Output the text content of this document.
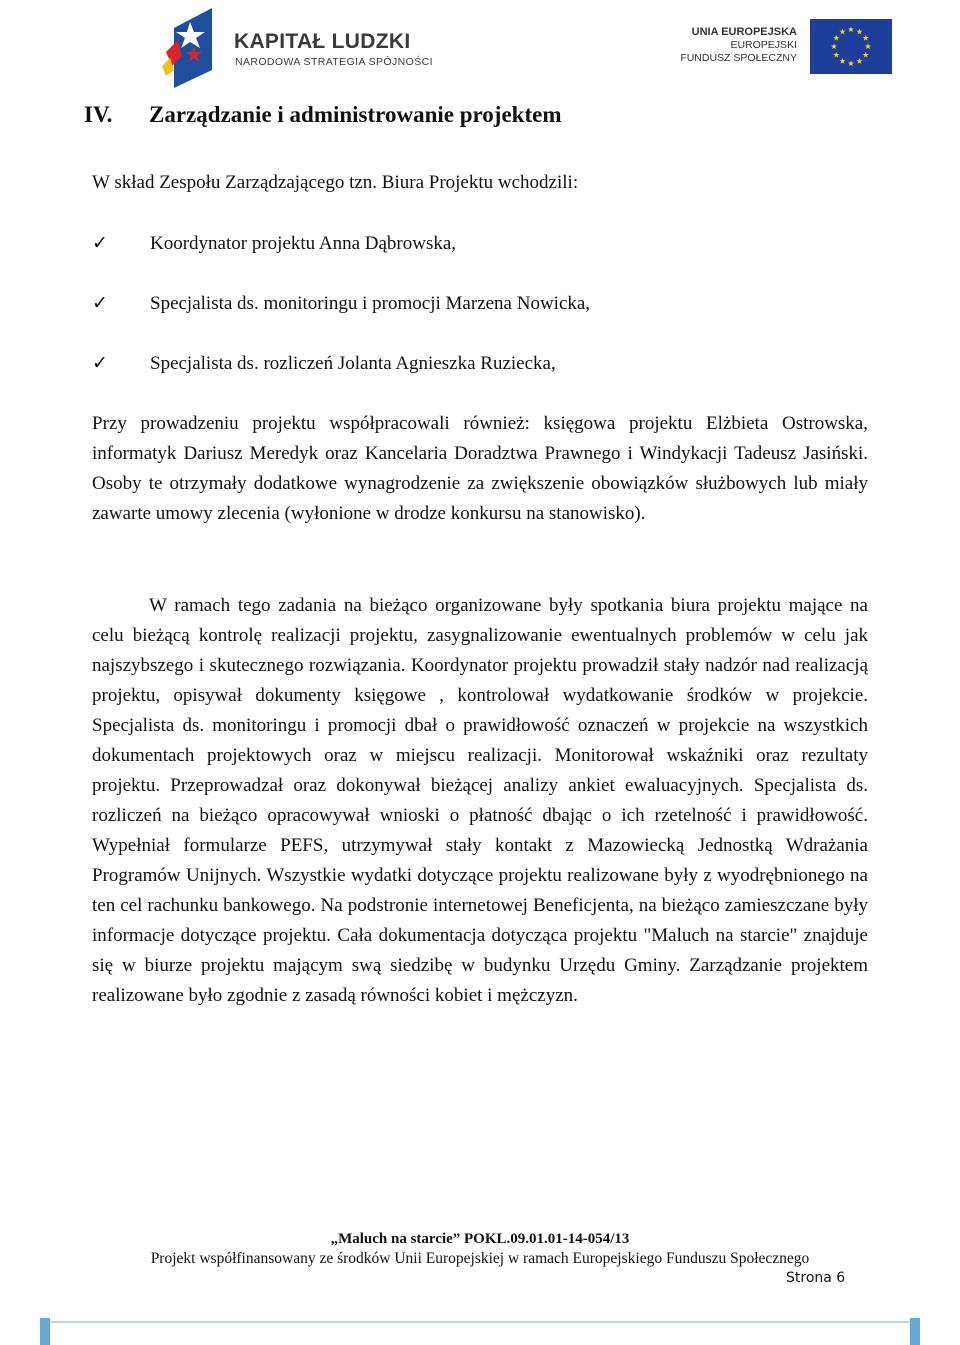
KAPITAŁ LUDZKI
NARODOWA STRATEGIA SPÓJNOŚCI
UNIA EUROPEJSKA
EUROPEJSKI
FUNDUSZ SPOŁECZNY
IV. Zarządzanie i administrowanie projektem
W skład Zespołu Zarządzającego tzn. Biura Projektu wchodzili:
✓ Koordynator projektu Anna Dąbrowska,
✓ Specjalista ds. monitoringu i promocji Marzena Nowicka,
✓ Specjalista ds. rozliczeń Jolanta Agnieszka Ruziecka,
Przy prowadzeniu projektu współpracowali również: księgowa projektu Elżbieta Ostrowska, informatyk Dariusz Meredyk oraz Kancelaria Doradztwa Prawnego i Windykacji Tadeusz Jasiński. Osoby te otrzymały dodatkowe wynagrodzenie za zwiększenie obowiązków służbowych lub miały zawarte umowy zlecenia (wyłonione w drodze konkursu na stanowisko).
W ramach tego zadania na bieżąco organizowane były spotkania biura projektu mające na celu bieżącą kontrolę realizacji projektu, zasygnalizowanie ewentualnych problemów w celu jak najszybszego i skutecznego rozwiązania. Koordynator projektu prowadził stały nadzór nad realizacją projektu, opisywał dokumenty księgowe , kontrolował wydatkowanie środków w projekcie. Specjalista ds. monitoringu i promocji dbał o prawidłowość oznaczeń w projekcie na wszystkich dokumentach projektowych oraz w miejscu realizacji. Monitorował wskaźniki oraz rezultaty projektu. Przeprowadzał oraz dokonywał bieżącej analizy ankiet ewaluacyjnych. Specjalista ds. rozliczeń na bieżąco opracowywał wnioski o płatność dbając o ich rzetelność i prawidłowość. Wypełniał formularze PEFS, utrzymywał stały kontakt z Mazowiecką Jednostką Wdrażania Programów Unijnych. Wszystkie wydatki dotyczące projektu realizowane były z wyodrębnionego na ten cel rachunku bankowego. Na podstronie internetowej Beneficjenta, na bieżąco zamieszczane były informacje dotyczące projektu. Cała dokumentacja dotycząca projektu "Maluch na starcie" znajduje się w biurze projektu mającym swą siedzibę w budynku Urzędu Gminy. Zarządzanie projektem realizowane było zgodnie z zasadą równości kobiet i mężczyzn.
„Maluch na starcie” POKL.09.01.01-14-054/13
Projekt współfinansowany ze środków Unii Europejskiej w ramach Europejskiego Funduszu Społecznego
Strona 6
